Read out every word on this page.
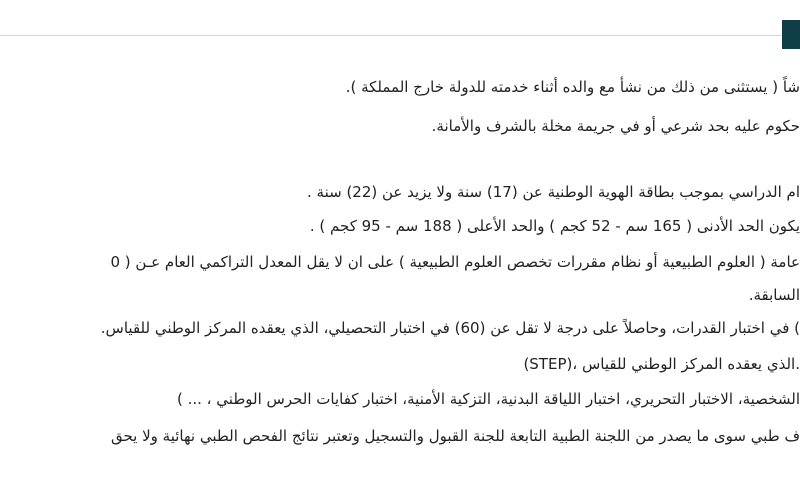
شاً ( يستثنى من ذلك من نشأ مع والده أثناء خدمته للدولة خارج المملكة ).
حكوم عليه بحد شرعي أو في جريمة مخلة بالشرف والأمانة.
ام الدراسي بموجب بطاقة الهوية الوطنية عن (17) سنة ولا يزيد عن (22) سنة .
يكون الحد الأدنى ( 165 سم - 52 كجم ) والحد الأعلى ( 188 سم - 95 كجم ) .
عامة ( العلوم الطبيعية أو نظام مقررات تخصص العلوم الطبيعية ) على ان لا يقل المعدل التراكمي العام عـن ( 0
السابقة.
) في اختبار القدرات، وحاصلاً على درجة لا تقل عن (60) في اختبار التحصيلي، الذي يعقده المركز الوطني للقياس.
(STEP)، الذي يعقده المركز الوطني للقياس.
الشخصية، الاختبار التحريري، اختبار اللياقة البدنية، التزكية الأمنية، اختبار كفايات الحرس الوطني ، ... )
ف طبي سوى ما يصدر من اللجنة الطبية التابعة للجنة القبول والتسجيل وتعتبر نتائج الفحص الطبي نهائية ولا يحق
